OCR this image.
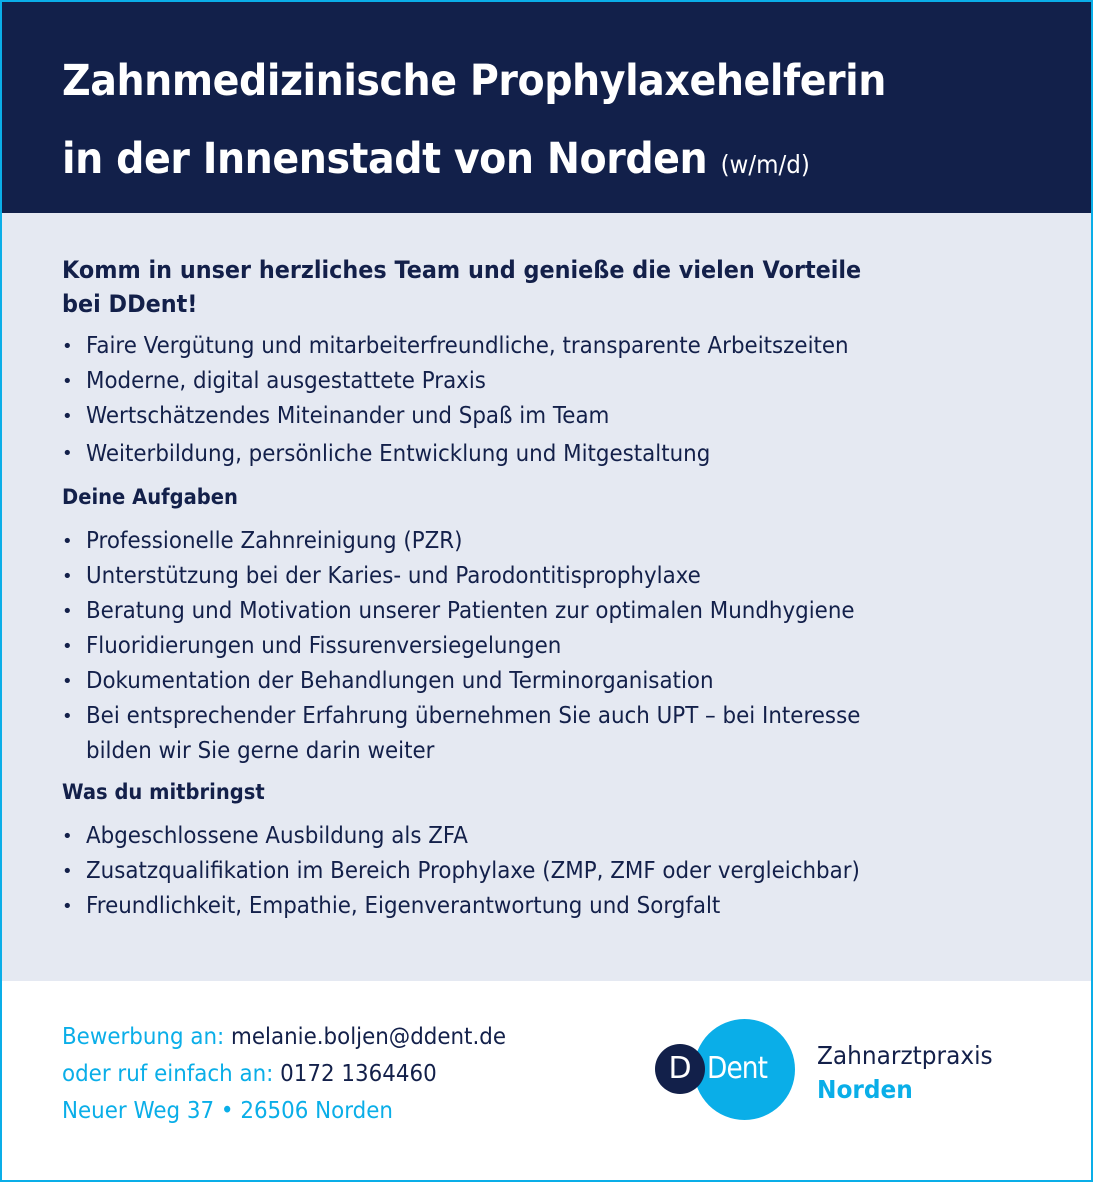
Zahnmedizinische Prophylaxehelferin
in der Innenstadt von Norden (w/m/d)
Komm in unser herzliches Team und genieße die vielen Vorteile
bei DDent!
• Faire Vergütung und mitarbeiterfreundliche, transparente Arbeitszeiten
• Moderne, digital ausgestattete Praxis
• Wertschätzendes Miteinander und Spaß im Team
• Weiterbildung, persönliche Entwicklung und Mitgestaltung
Deine Aufgaben
• Professionelle Zahnreinigung (PZR)
• Unterstützung bei der Karies- und Parodontitisprophylaxe
• Beratung und Motivation unserer Patienten zur optimalen Mundhygiene
• Fluoridierungen und Fissurenversiegelungen
• Dokumentation der Behandlungen und Terminorganisation
• Bei entsprechender Erfahrung übernehmen Sie auch UPT – bei Interesse
bilden wir Sie gerne darin weiter
Was du mitbringst
• Abgeschlossene Ausbildung als ZFA
• Zusatzqualifikation im Bereich Prophylaxe (ZMP, ZMF oder vergleichbar)
• Freundlichkeit, Empathie, Eigenverantwortung und Sorgfalt
Bewerbung an: melanie.boljen@ddent.de
oder ruf einfach an: 0172 1364460
Neuer Weg 37 • 26506 Norden
D Dent Zahnarztpraxis
Norden
